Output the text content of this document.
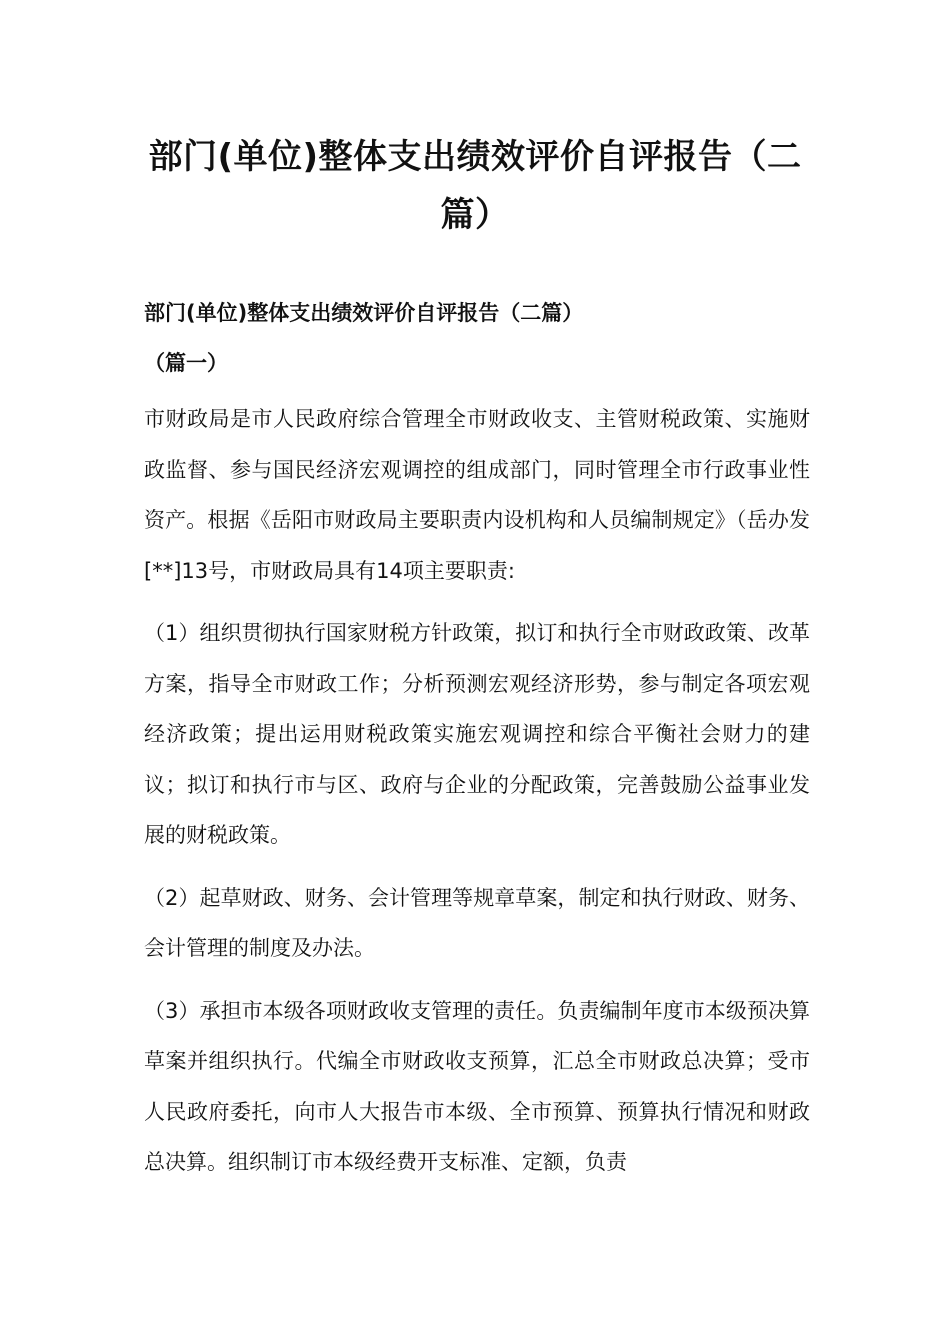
部门(单位)整体支出绩效评价自评报告（二篇）

部门(单位)整体支出绩效评价自评报告（二篇）

（篇一）

市财政局是市人民政府综合管理全市财政收支、主管财税政策、实施财政监督、参与国民经济宏观调控的组成部门，同时管理全市行政事业性资产。根据《岳阳市财政局主要职责内设机构和人员编制规定》（岳办发[**]13号，市财政局具有14项主要职责:

（1）组织贯彻执行国家财税方针政策，拟订和执行全市财政政策、改革方案，指导全市财政工作；分析预测宏观经济形势，参与制定各项宏观经济政策；提出运用财税政策实施宏观调控和综合平衡社会财力的建议；拟订和执行市与区、政府与企业的分配政策，完善鼓励公益事业发展的财税政策。

（2）起草财政、财务、会计管理等规章草案，制定和执行财政、财务、会计管理的制度及办法。

（3）承担市本级各项财政收支管理的责任。负责编制年度市本级预决算草案并组织执行。代编全市财政收支预算，汇总全市财政总决算；受市人民政府委托，向市人大报告市本级、全市预算、预算执行情况和财政总决算。组织制订市本级经费开支标准、定额，负责
